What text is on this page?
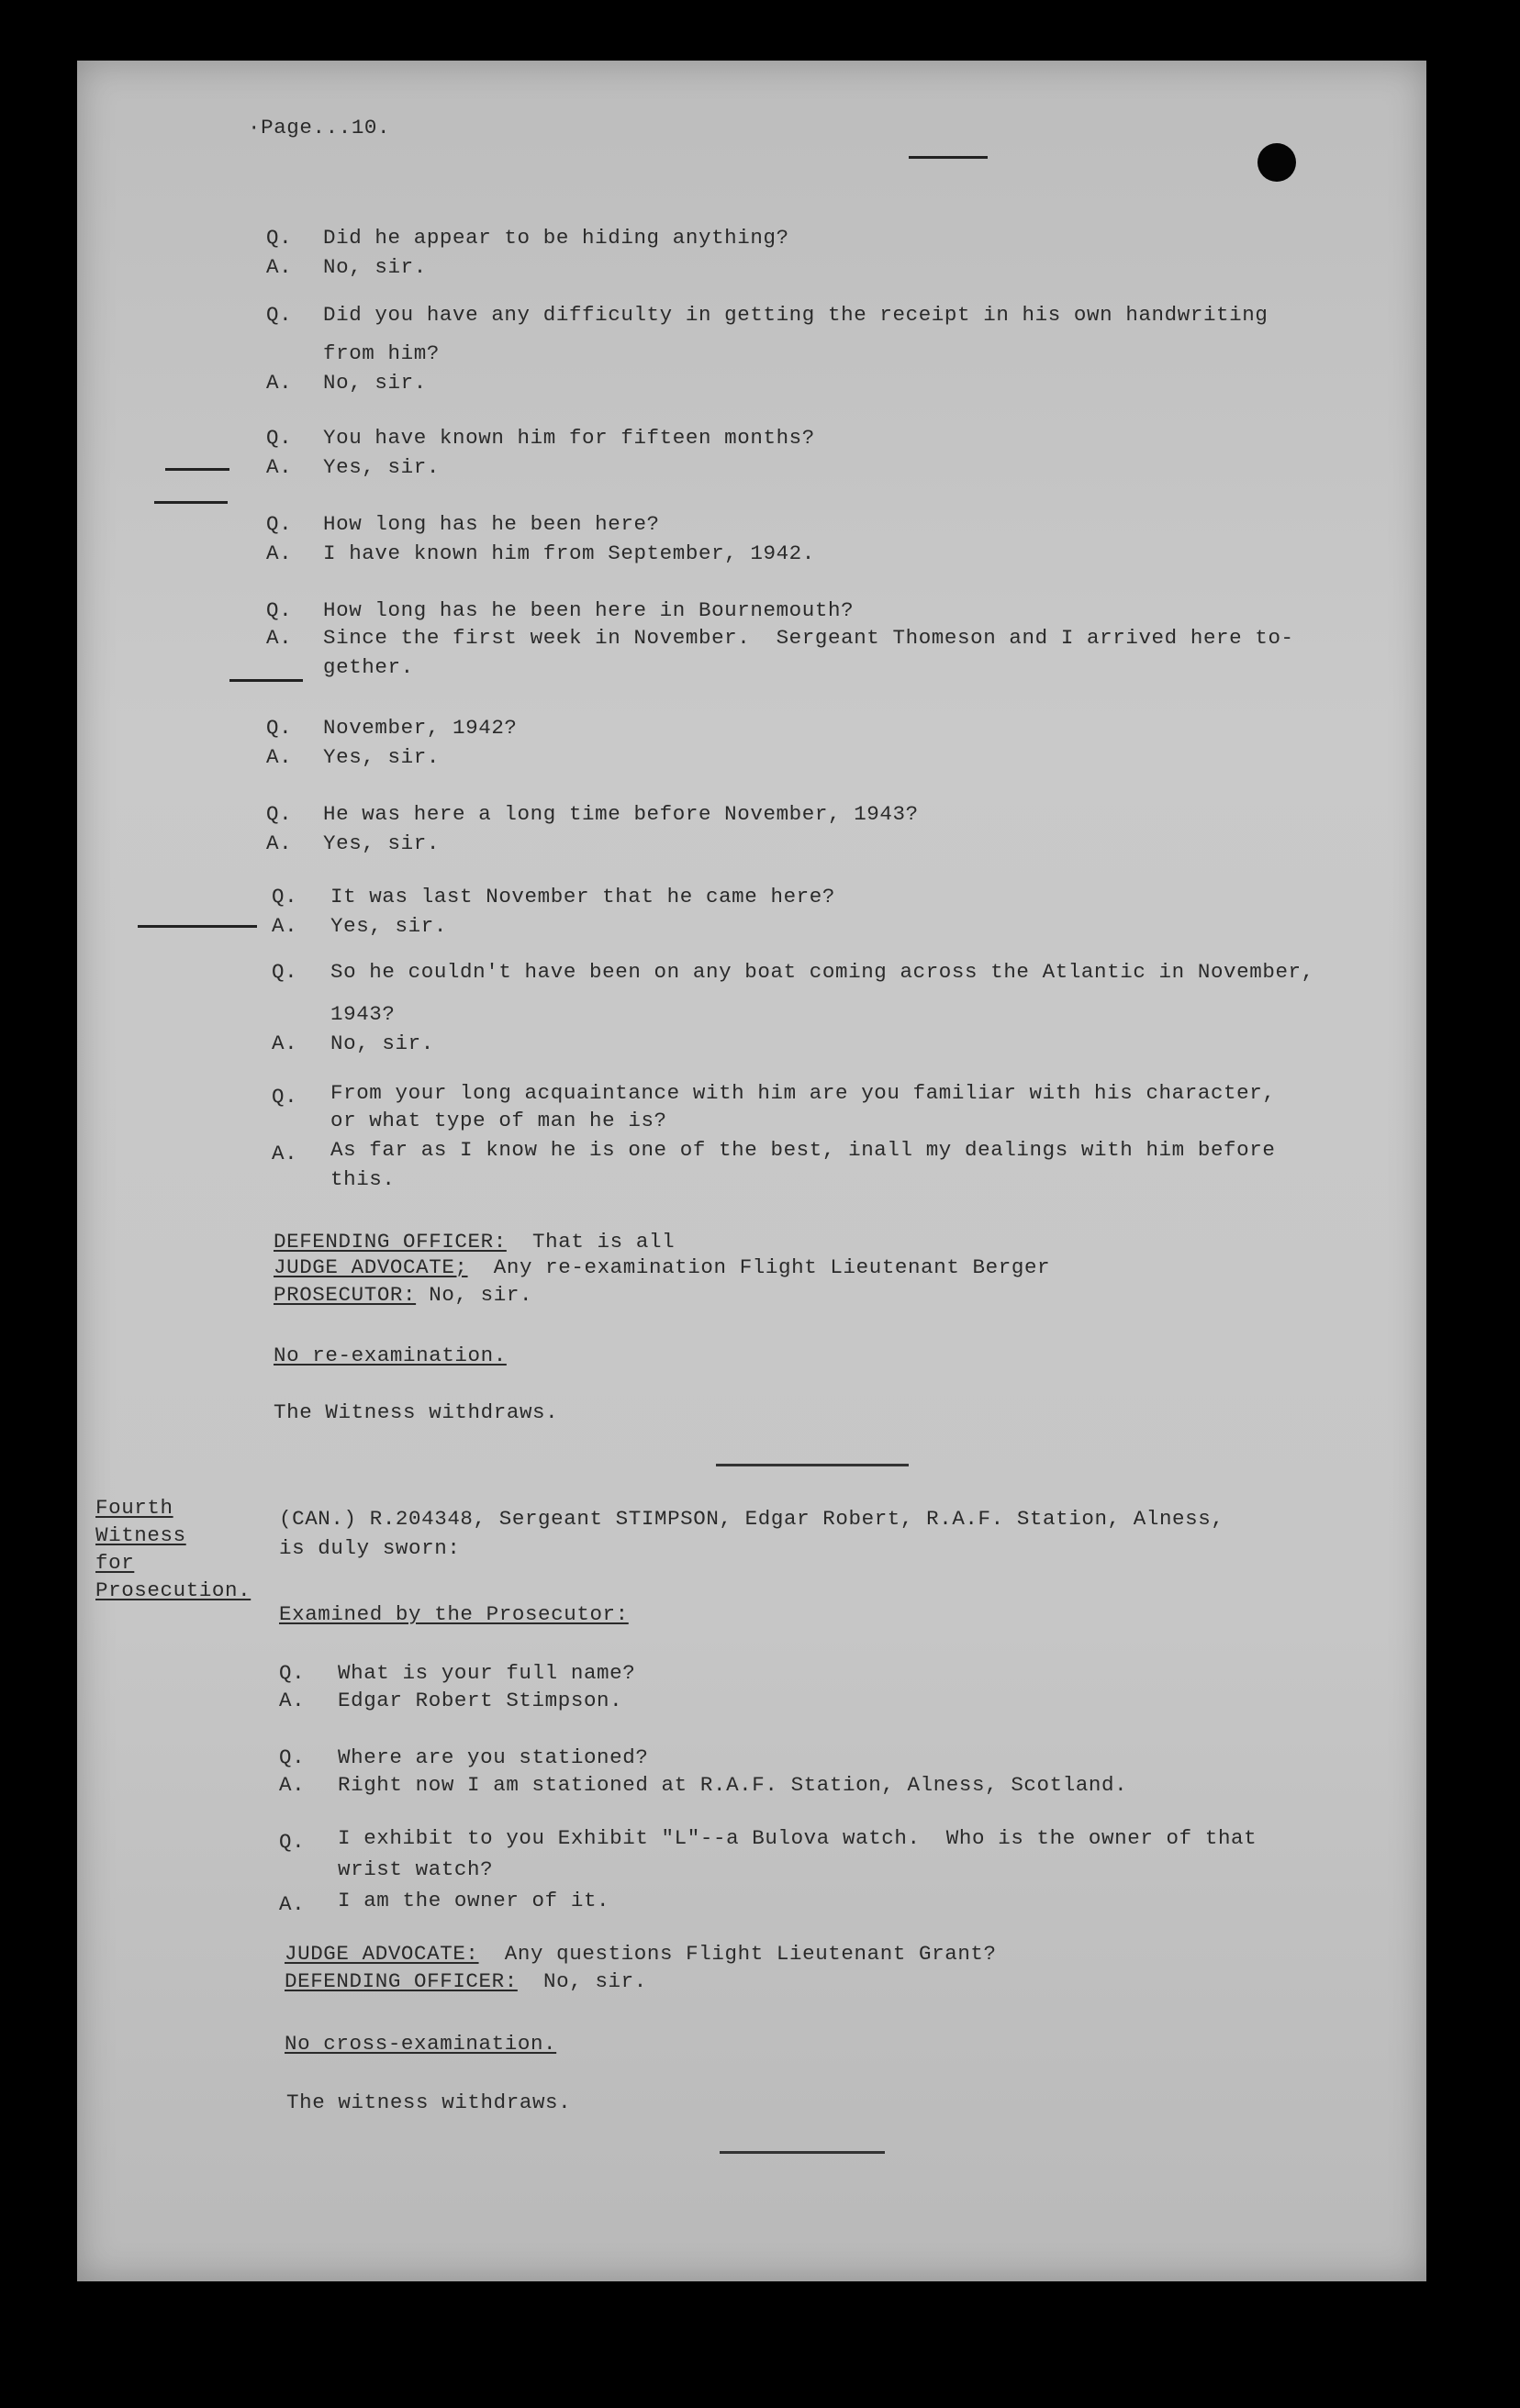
·Page...10.
Q. Did he appear to be hiding anything?
A. No, sir.
Q. Did you have any difficulty in getting the receipt in his own handwriting
from him?
A. No, sir.
Q. You have known him for fifteen months?
A. Yes, sir.
Q. How long has he been here?
A. I have known him from September, 1942.
Q. How long has he been here in Bournemouth?
A. Since the first week in November.  Sergeant Thomeson and I arrived here to-
gether.
Q. November, 1942?
A. Yes, sir.
Q. He was here a long time before November, 1943?
A. Yes, sir.
Q. It was last November that he came here?
A. Yes, sir.
Q. So he couldn't have been on any boat coming across the Atlantic in November,
1943?
A. No, sir.
Q. From your long acquaintance with him are you familiar with his character,
or what type of man he is?
A. As far as I know he is one of the best, inall my dealings with him before
this.
DEFENDING OFFICER:  That is all
JUDGE ADVOCATE;  Any re-examination Flight Lieutenant Berger
PROSECUTOR: No, sir.
No re-examination.
The Witness withdraws.
Fourth
Witness
for
Prosecution.
(CAN.) R.204348, Sergeant STIMPSON, Edgar Robert, R.A.F. Station, Alness,
is duly sworn:
Examined by the Prosecutor:
Q. What is your full name?
A. Edgar Robert Stimpson.
Q. Where are you stationed?
A. Right now I am stationed at R.A.F. Station, Alness, Scotland.
Q. I exhibit to you Exhibit "L"--a Bulova watch.  Who is the owner of that
wrist watch?
A. I am the owner of it.
JUDGE ADVOCATE:  Any questions Flight Lieutenant Grant?
DEFENDING OFFICER:  No, sir.
No cross-examination.
The witness withdraws.
